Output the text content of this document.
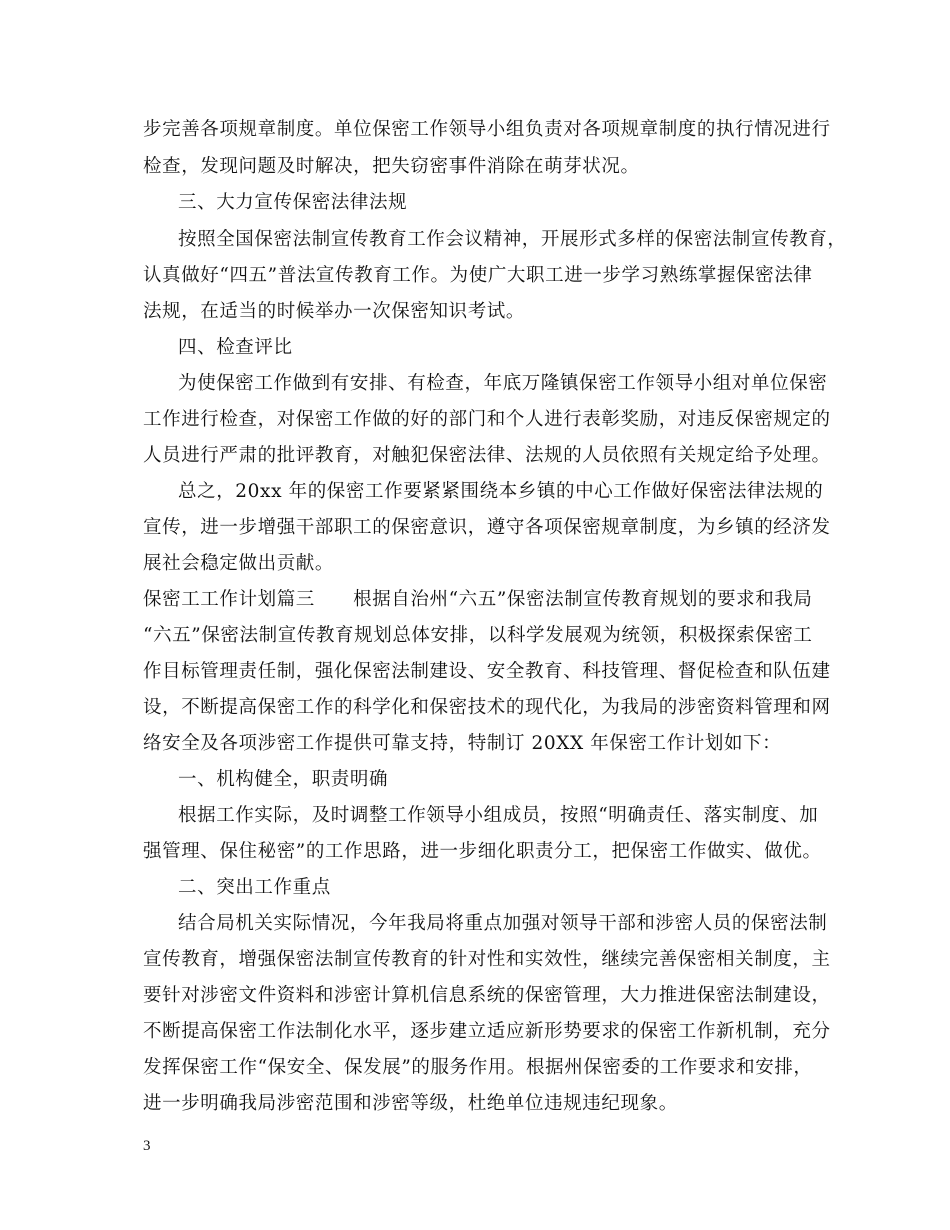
步完善各项规章制度。单位保密工作领导小组负责对各项规章制度的执行情况进行
检查，发现问题及时解决，把失窃密事件消除在萌芽状况。
三、大力宣传保密法律法规
按照全国保密法制宣传教育工作会议精神，开展形式多样的保密法制宣传教育，
认真做好“四五”普法宣传教育工作。为使广大职工进一步学习熟练掌握保密法律
法规，在适当的时候举办一次保密知识考试。
四、检查评比
为使保密工作做到有安排、有检查，年底万隆镇保密工作领导小组对单位保密
工作进行检查，对保密工作做的好的部门和个人进行表彰奖励，对违反保密规定的
人员进行严肃的批评教育，对触犯保密法律、法规的人员依照有关规定给予处理。
总之，20xx 年的保密工作要紧紧围绕本乡镇的中心工作做好保密法律法规的
宣传，进一步增强干部职工的保密意识，遵守各项保密规章制度，为乡镇的经济发
展社会稳定做出贡献。
保密工工作计划篇三　　根据自治州“六五”保密法制宣传教育规划的要求和我局
“六五”保密法制宣传教育规划总体安排，以科学发展观为统领，积极探索保密工
作目标管理责任制，强化保密法制建设、安全教育、科技管理、督促检查和队伍建
设，不断提高保密工作的科学化和保密技术的现代化，为我局的涉密资料管理和网
络安全及各项涉密工作提供可靠支持，特制订 20XX 年保密工作计划如下：
一、机构健全，职责明确
根据工作实际，及时调整工作领导小组成员，按照“明确责任、落实制度、加
强管理、保住秘密”的工作思路，进一步细化职责分工，把保密工作做实、做优。
二、突出工作重点
结合局机关实际情况，今年我局将重点加强对领导干部和涉密人员的保密法制
宣传教育，增强保密法制宣传教育的针对性和实效性，继续完善保密相关制度，主
要针对涉密文件资料和涉密计算机信息系统的保密管理，大力推进保密法制建设，
不断提高保密工作法制化水平，逐步建立适应新形势要求的保密工作新机制，充分
发挥保密工作“保安全、保发展”的服务作用。根据州保密委的工作要求和安排，
进一步明确我局涉密范围和涉密等级，杜绝单位违规违纪现象。
3
